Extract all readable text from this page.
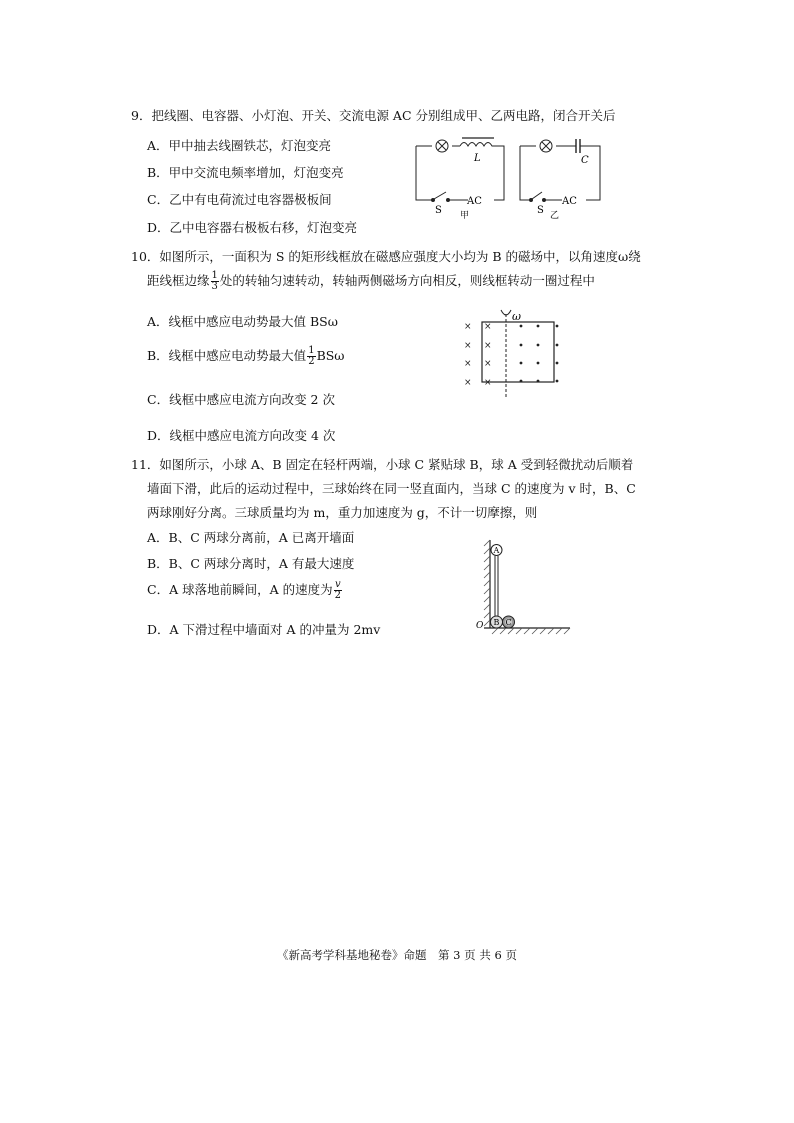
9．把线圈、电容器、小灯泡、开关、交流电源 AC 分别组成甲、乙两电路，闭合开关后
A．甲中抽去线圈铁芯，灯泡变亮
B．甲中交流电频率增加，灯泡变亮
C．乙中有电荷流过电容器极板间
D．乙中电容器右极板右移，灯泡变亮
L
S
AC
甲
C
S
AC
乙
10．如图所示，一面积为 S 的矩形线框放在磁感应强度大小均为 B 的磁场中，以角速度ω绕
距线框边缘 $\frac{1}{3}$ 处的转轴匀速转动，转轴两侧磁场方向相反，则线框转动一圈过程中
A．线框中感应电动势最大值 BSω
B．线框中感应电动势最大值 $\frac{1}{2}$ BSω
C．线框中感应电流方向改变 2 次
D．线框中感应电流方向改变 4 次
ω
× ×
× ×
× ×
× ×
11．如图所示，小球 A、B 固定在轻杆两端，小球 C 紧贴球 B，球 A 受到轻微扰动后顺着
墙面下滑，此后的运动过程中，三球始终在同一竖直面内，当球 C 的速度为 v 时，B、C
两球刚好分离。三球质量均为 m，重力加速度为 g，不计一切摩擦，则
A．B、C 两球分离前，A 已离开墙面
B．B、C 两球分离时，A 有最大速度
C．A 球落地前瞬间，A 的速度为 $\frac{v}{2}$
D．A 下滑过程中墙面对 A 的冲量为 2mv
A
B C
O
《新高考学科基地秘卷》命题　第 3 页 共 6 页
